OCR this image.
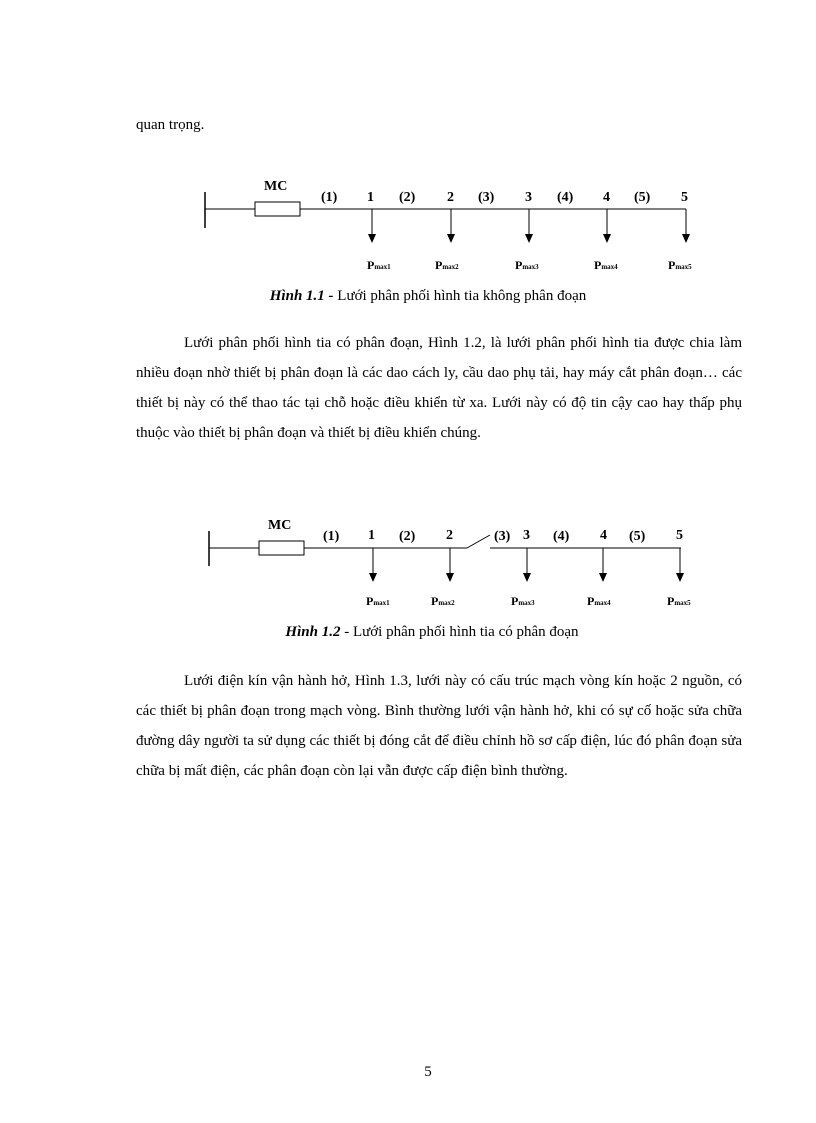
quan trọng.
MC
(1)	(2)	(3)	(4)	(5)
1	2	3	4	5
Pmax1	Pmax2	Pmax3	Pmax4	Pmax5
MC
(1)	(2)	(3)	(4)	(5)
1	2	3	4	5
Pmax1	Pmax2	Pmax3	Pmax4	Pmax5
Hình 1.1 - Lưới phân phối hình tia không phân đoạn
Lưới phân phối hình tia có phân đoạn, Hình 1.2, là lưới phân phối hình tia được chia làm nhiều đoạn nhờ thiết bị phân đoạn là các dao cách ly, cầu dao phụ tải, hay máy cắt phân đoạn… các thiết bị này có thể thao tác tại chỗ hoặc điều khiển từ xa. Lưới này có độ tin cậy cao hay thấp phụ thuộc vào thiết bị phân đoạn và thiết bị điều khiển chúng.
Hình 1.2 - Lưới phân phối hình tia có phân đoạn
Lưới điện kín vận hành hở, Hình 1.3, lưới này có cấu trúc mạch vòng kín hoặc 2 nguồn, có các thiết bị phân đoạn trong mạch vòng. Bình thường lưới vận hành hở, khi có sự cố hoặc sửa chữa đường dây người ta sử dụng các thiết bị đóng cắt để điều chỉnh hồ sơ cấp điện, lúc đó phân đoạn sửa chữa bị mất điện, các phân đoạn còn lại vẫn được cấp điện bình thường.
5
